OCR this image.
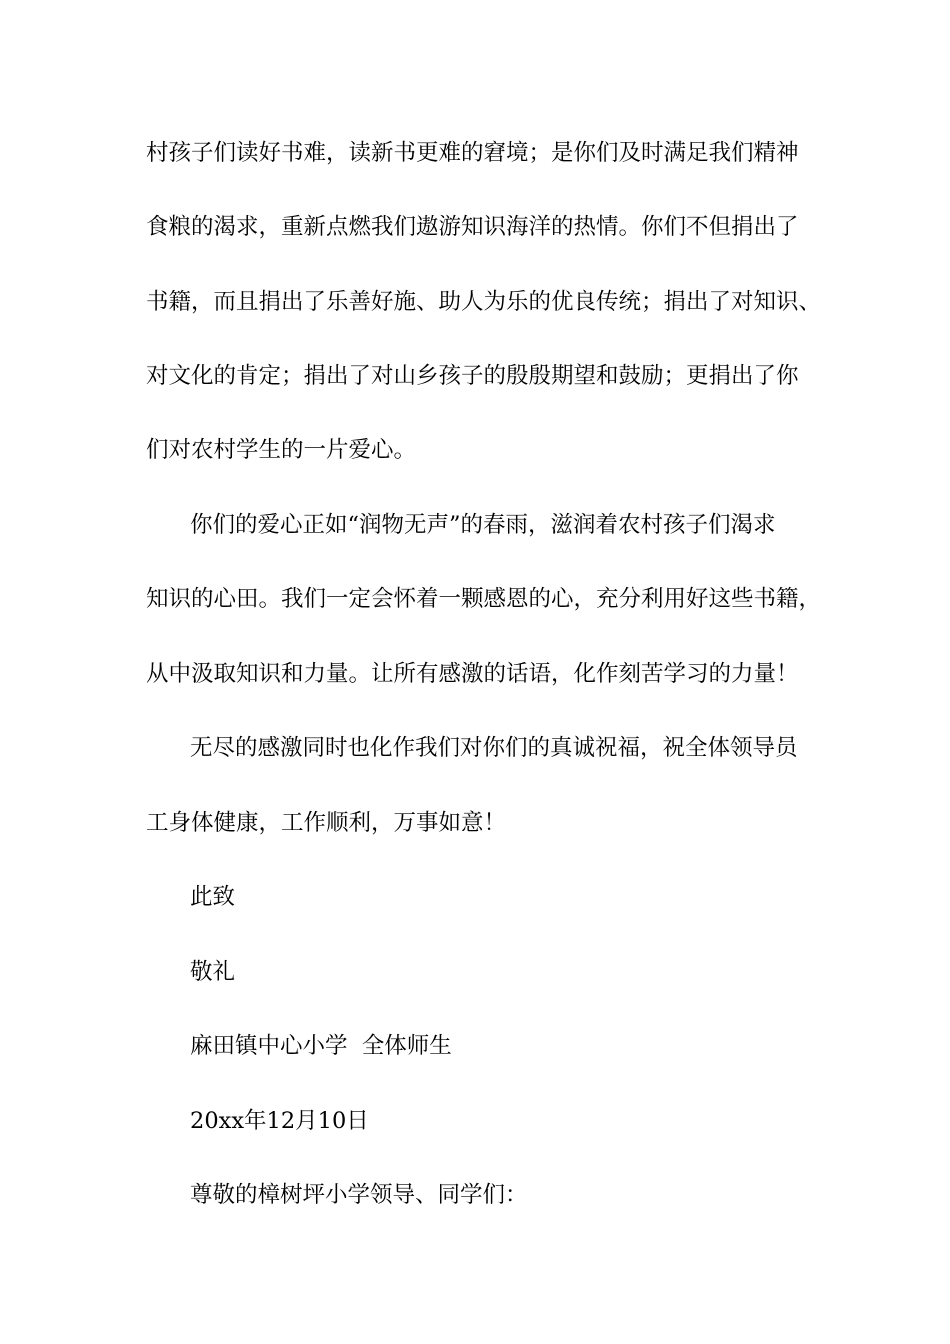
村孩子们读好书难，读新书更难的窘境；是你们及时满足我们精神
食粮的渴求，重新点燃我们遨游知识海洋的热情。你们不但捐出了
书籍，而且捐出了乐善好施、助人为乐的优良传统；捐出了对知识、
对文化的肯定；捐出了对山乡孩子的殷殷期望和鼓励；更捐出了你
们对农村学生的一片爱心。
你们的爱心正如“润物无声”的春雨，滋润着农村孩子们渴求
知识的心田。我们一定会怀着一颗感恩的心，充分利用好这些书籍，
从中汲取知识和力量。让所有感激的话语，化作刻苦学习的力量！
无尽的感激同时也化作我们对你们的真诚祝福，祝全体领导员
工身体健康，工作顺利，万事如意！
此致
敬礼
麻田镇中心小学  全体师生
20xx年12月10日
尊敬的樟树坪小学领导、同学们：
